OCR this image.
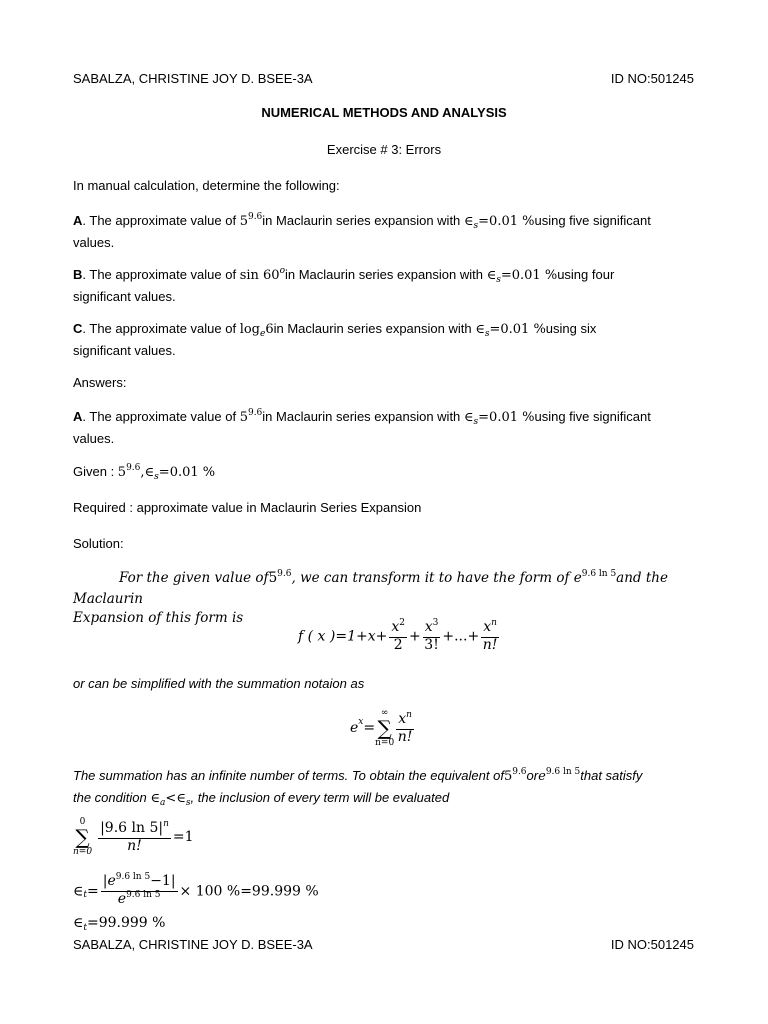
SABALZA, CHRISTINE JOY D. BSEE-3A	ID NO:501245
NUMERICAL METHODS AND ANALYSIS
Exercise # 3: Errors
In manual calculation, determine the following:
A. The approximate value of $5^{9.6}in$ Maclaurin series expansion with $\in_s=0.01$ %using five significant
values.
B. The approximate value of sin 60$^o$in Maclaurin series expansion with $\in_s=0.01$ %using four
significant values.
C. The approximate value of $\log_e6in$ Maclaurin series expansion with $\in_s=0.01$ %using six
significant values.
Answers:
A. The approximate value of $5^{9.6}in$ Maclaurin series expansion with $\in_s=0.01$ %using five significant
values.
Given : $5^{9.6},\in_s=0.01$ %
Required : approximate value in Maclaurin Series Expansion
Solution:
For the given value $of5^{9.6}$, we can transform it to have the form of $e^{9.6 ln 5}and$ the Maclaurin
Expansion of this form is
f ( x )$=1+x+ \frac{x^2}{2} + \frac{x^3}{3!}$ +...+ $\frac{x^n}{n!}$
or can be simplified with the summation notaion as
$e^x=$
∞
∑
$n=0 \frac{x^n}{n!}$
The summation has an infinite number of terms. To obtain the equivalent $of5^{9.6}ore^{9.6 ln 5}that$ satisfy
the condition $\in_a<\in_s$, the inclusion of every term will be evaluated
0
∑
$n=0 \frac{|9.6 \ln 5|^n}{n!} =1$
$\in_t= \frac{|e^{9.6 ln 5}-1|}{e^{9.6 ln 5}} \times 100$ %=99.999 %
$\in_t=99.999$ %
SABALZA, CHRISTINE JOY D. BSEE-3A	ID NO:501245
